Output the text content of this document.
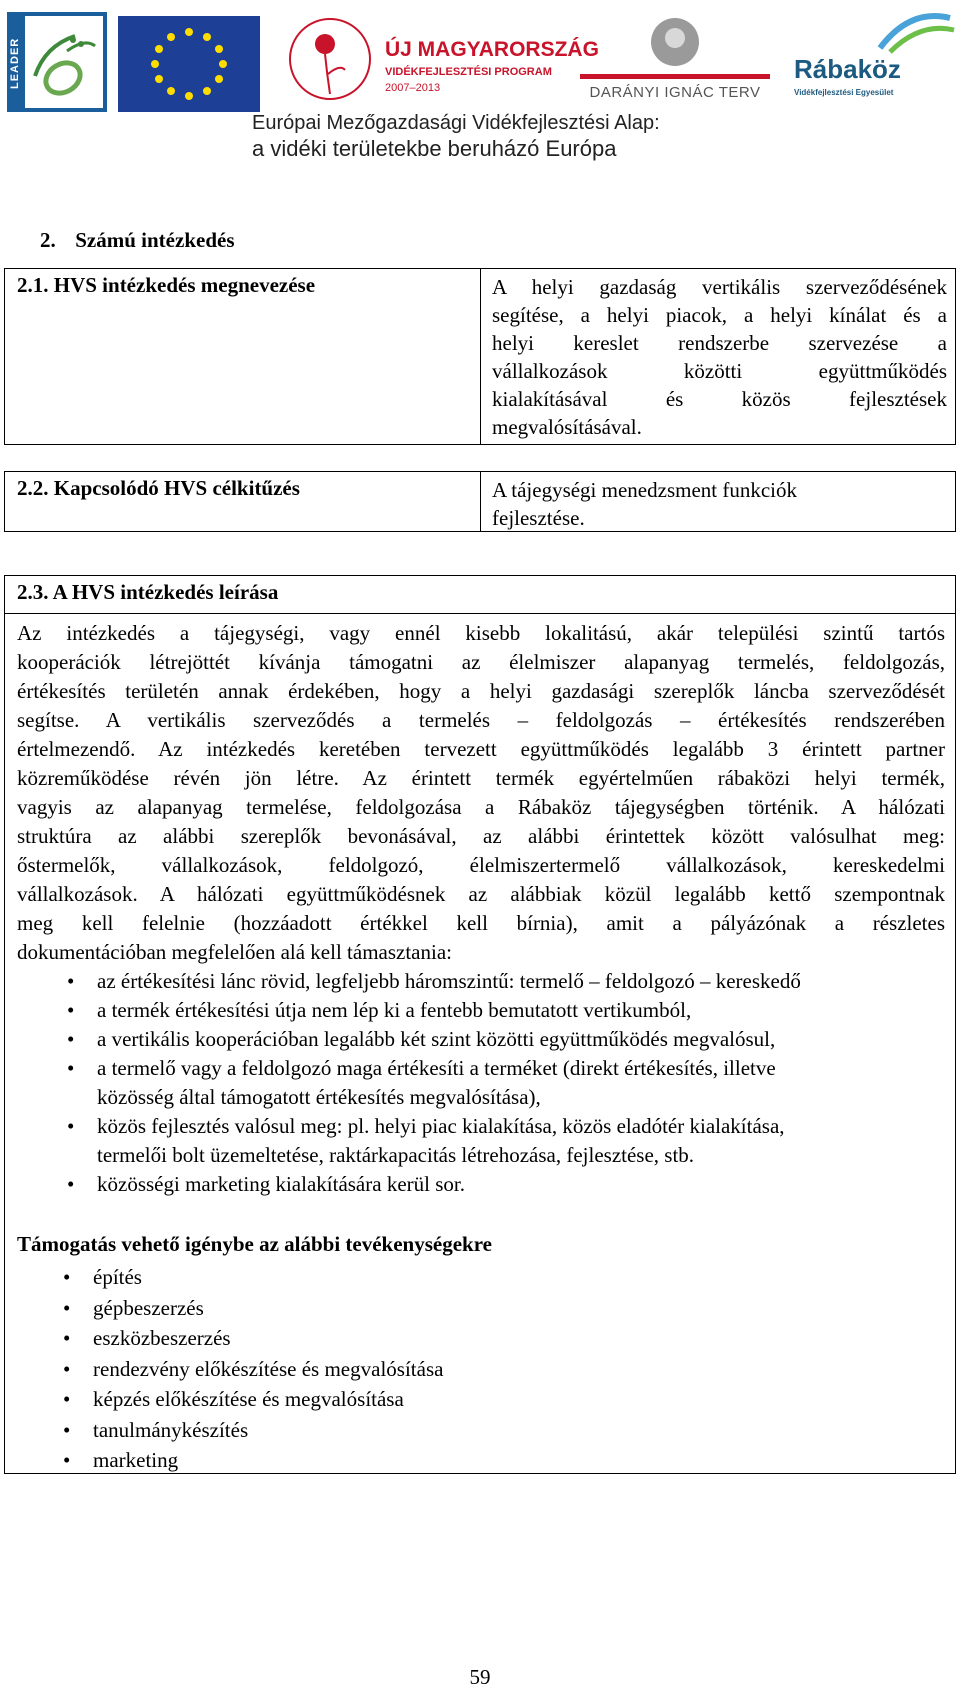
LEADER	ÚJ MAGYARORSZÁG
VIDÉKFEJLESZTÉSI PROGRAM
2007–2013	DARÁNYI IGNÁC TERV
Rábaköz
Vidékfejlesztési Egyesület
Európai Mezőgazdasági Vidékfejlesztési Alap:
a vidéki területekbe beruházó Európa
2. Számú intézkedés
2.1. HVS intézkedés megnevezése	A helyi gazdaság vertikális szerveződésének
segítése, a helyi piacok, a helyi kínálat és a
helyi kereslet rendszerbe szervezése a
vállalkozások közötti együttműködés
kialakításával és közös fejlesztések
megvalósításával.
2.2. Kapcsolódó HVS célkitűzés	A tájegységi menedzsment funkciók
fejlesztése.
2.3. A HVS intézkedés leírása
Az intézkedés a tájegységi, vagy ennél kisebb lokalitású, akár települési szintű tartós
kooperációk létrejöttét kívánja támogatni az élelmiszer alapanyag termelés, feldolgozás,
értékesítés területén annak érdekében, hogy a helyi gazdasági szereplők láncba szerveződését
segítse. A vertikális szerveződés a termelés – feldolgozás – értékesítés rendszerében
értelmezendő. Az intézkedés keretében tervezett együttműködés legalább 3 érintett partner
közreműködése révén jön létre. Az érintett termék egyértelműen rábaközi helyi termék,
vagyis az alapanyag termelése, feldolgozása a Rábaköz tájegységben történik. A hálózati
struktúra az alábbi szereplők bevonásával, az alábbi érintettek között valósulhat meg:
őstermelők, vállalkozások, feldolgozó, élelmiszertermelő vállalkozások, kereskedelmi
vállalkozások. A hálózati együttműködésnek az alábbiak közül legalább kettő szempontnak
meg kell felelnie (hozzáadott értékkel kell bírnia), amit a pályázónak a részletes
dokumentációban megfelelően alá kell támasztania:
• az értékesítési lánc rövid, legfeljebb háromszintű: termelő – feldolgozó – kereskedő
• a termék értékesítési útja nem lép ki a fentebb bemutatott vertikumból,
• a vertikális kooperációban legalább két szint közötti együttműködés megvalósul,
• a termelő vagy a feldolgozó maga értékesíti a terméket (direkt értékesítés, illetve
közösség által támogatott értékesítés megvalósítása),
• közös fejlesztés valósul meg: pl. helyi piac kialakítása, közös eladótér kialakítása,
termelői bolt üzemeltetése, raktárkapacitás létrehozása, fejlesztése, stb.
• közösségi marketing kialakítására kerül sor.
Támogatás vehető igénybe az alábbi tevékenységekre
• építés
• gépbeszerzés
• eszközbeszerzés
• rendezvény előkészítése és megvalósítása
• képzés előkészítése és megvalósítása
• tanulmánykészítés
• marketing
59
